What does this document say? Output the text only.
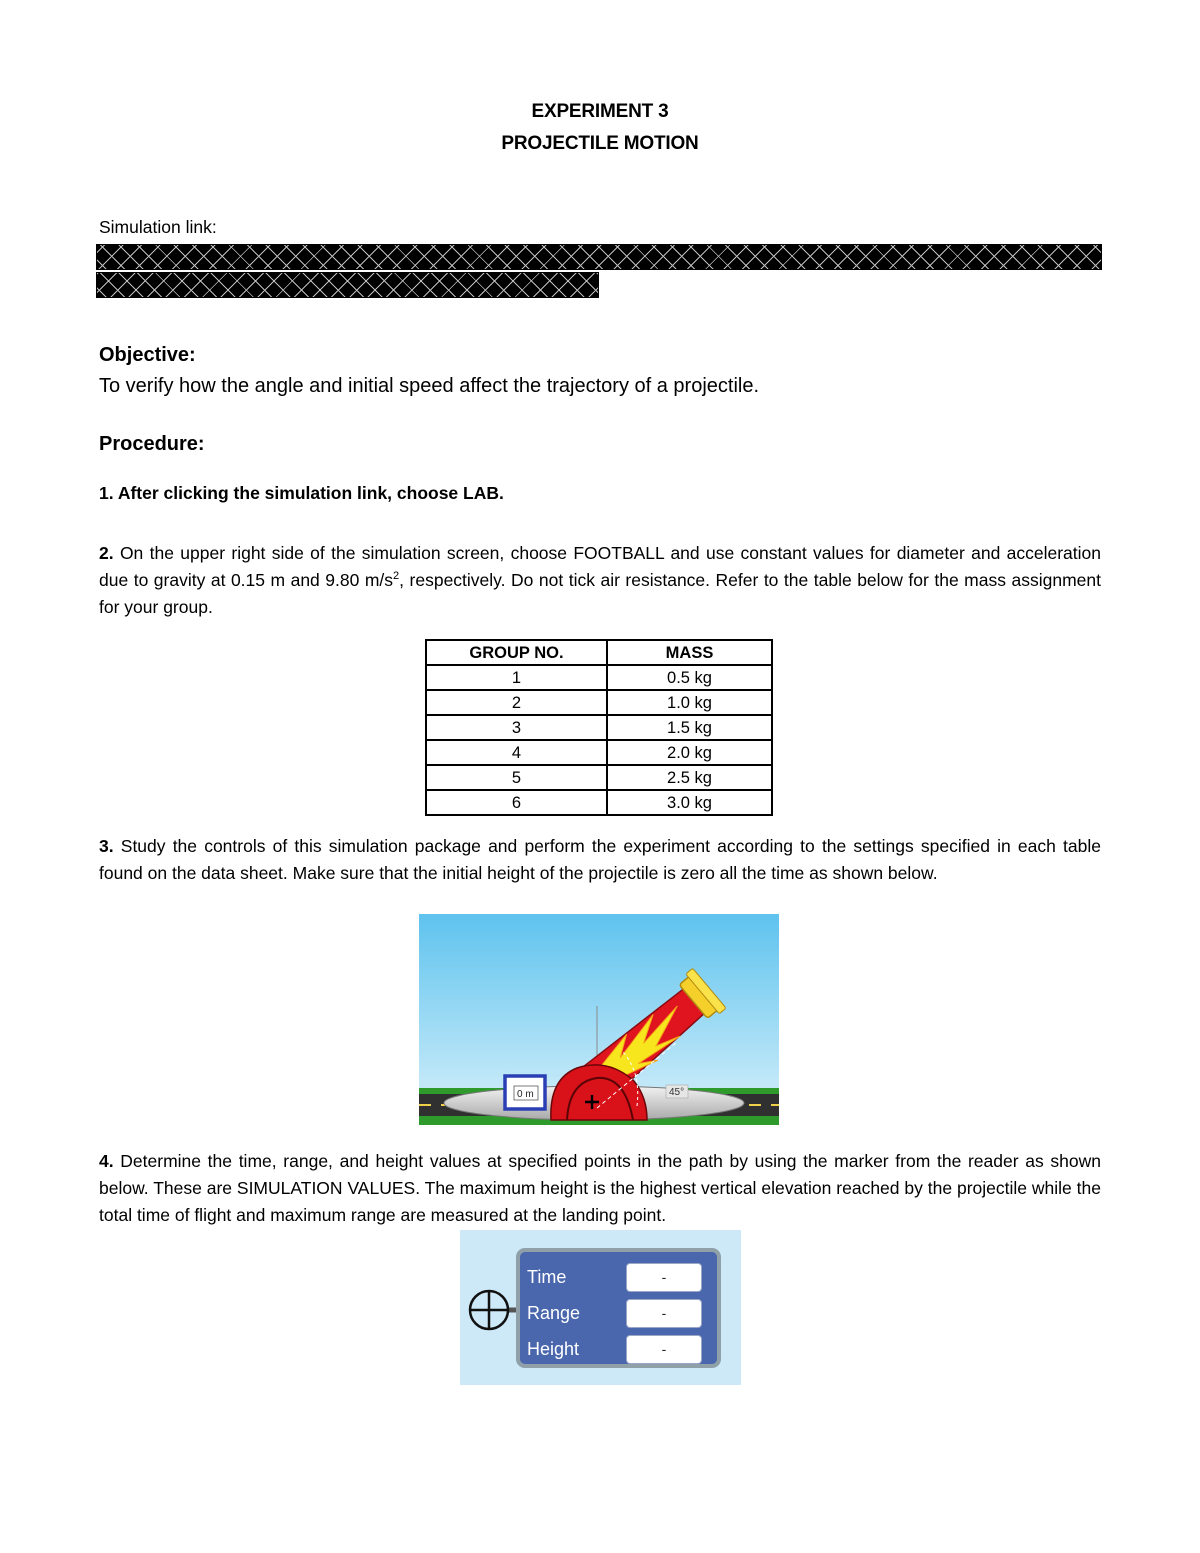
EXPERIMENT 3
PROJECTILE MOTION
Simulation link:
Objective:
To verify how the angle and initial speed affect the trajectory of a projectile.
Procedure:
1. After clicking the simulation link, choose LAB.
2. On the upper right side of the simulation screen, choose FOOTBALL and use constant values for diameter and acceleration due to gravity at 0.15 m and 9.80 $m/s^2$, respectively. Do not tick air resistance. Refer to the table below for the mass assignment for your group.
GROUP NO.	MASS
1	0.5 kg
2	1.0 kg
3	1.5 kg
4	2.0 kg
5	2.5 kg
6	3.0 kg
3. Study the controls of this simulation package and perform the experiment according to the settings specified in each table found on the data sheet. Make sure that the initial height of the projectile is zero all the time as shown below.
45°
0 m
4. Determine the time, range, and height values at specified points in the path by using the marker from the reader as shown below. These are SIMULATION VALUES. The maximum height is the highest vertical elevation reached by the projectile while the total time of flight and maximum range are measured at the landing point.
Time	-
Range	-
Height	-
